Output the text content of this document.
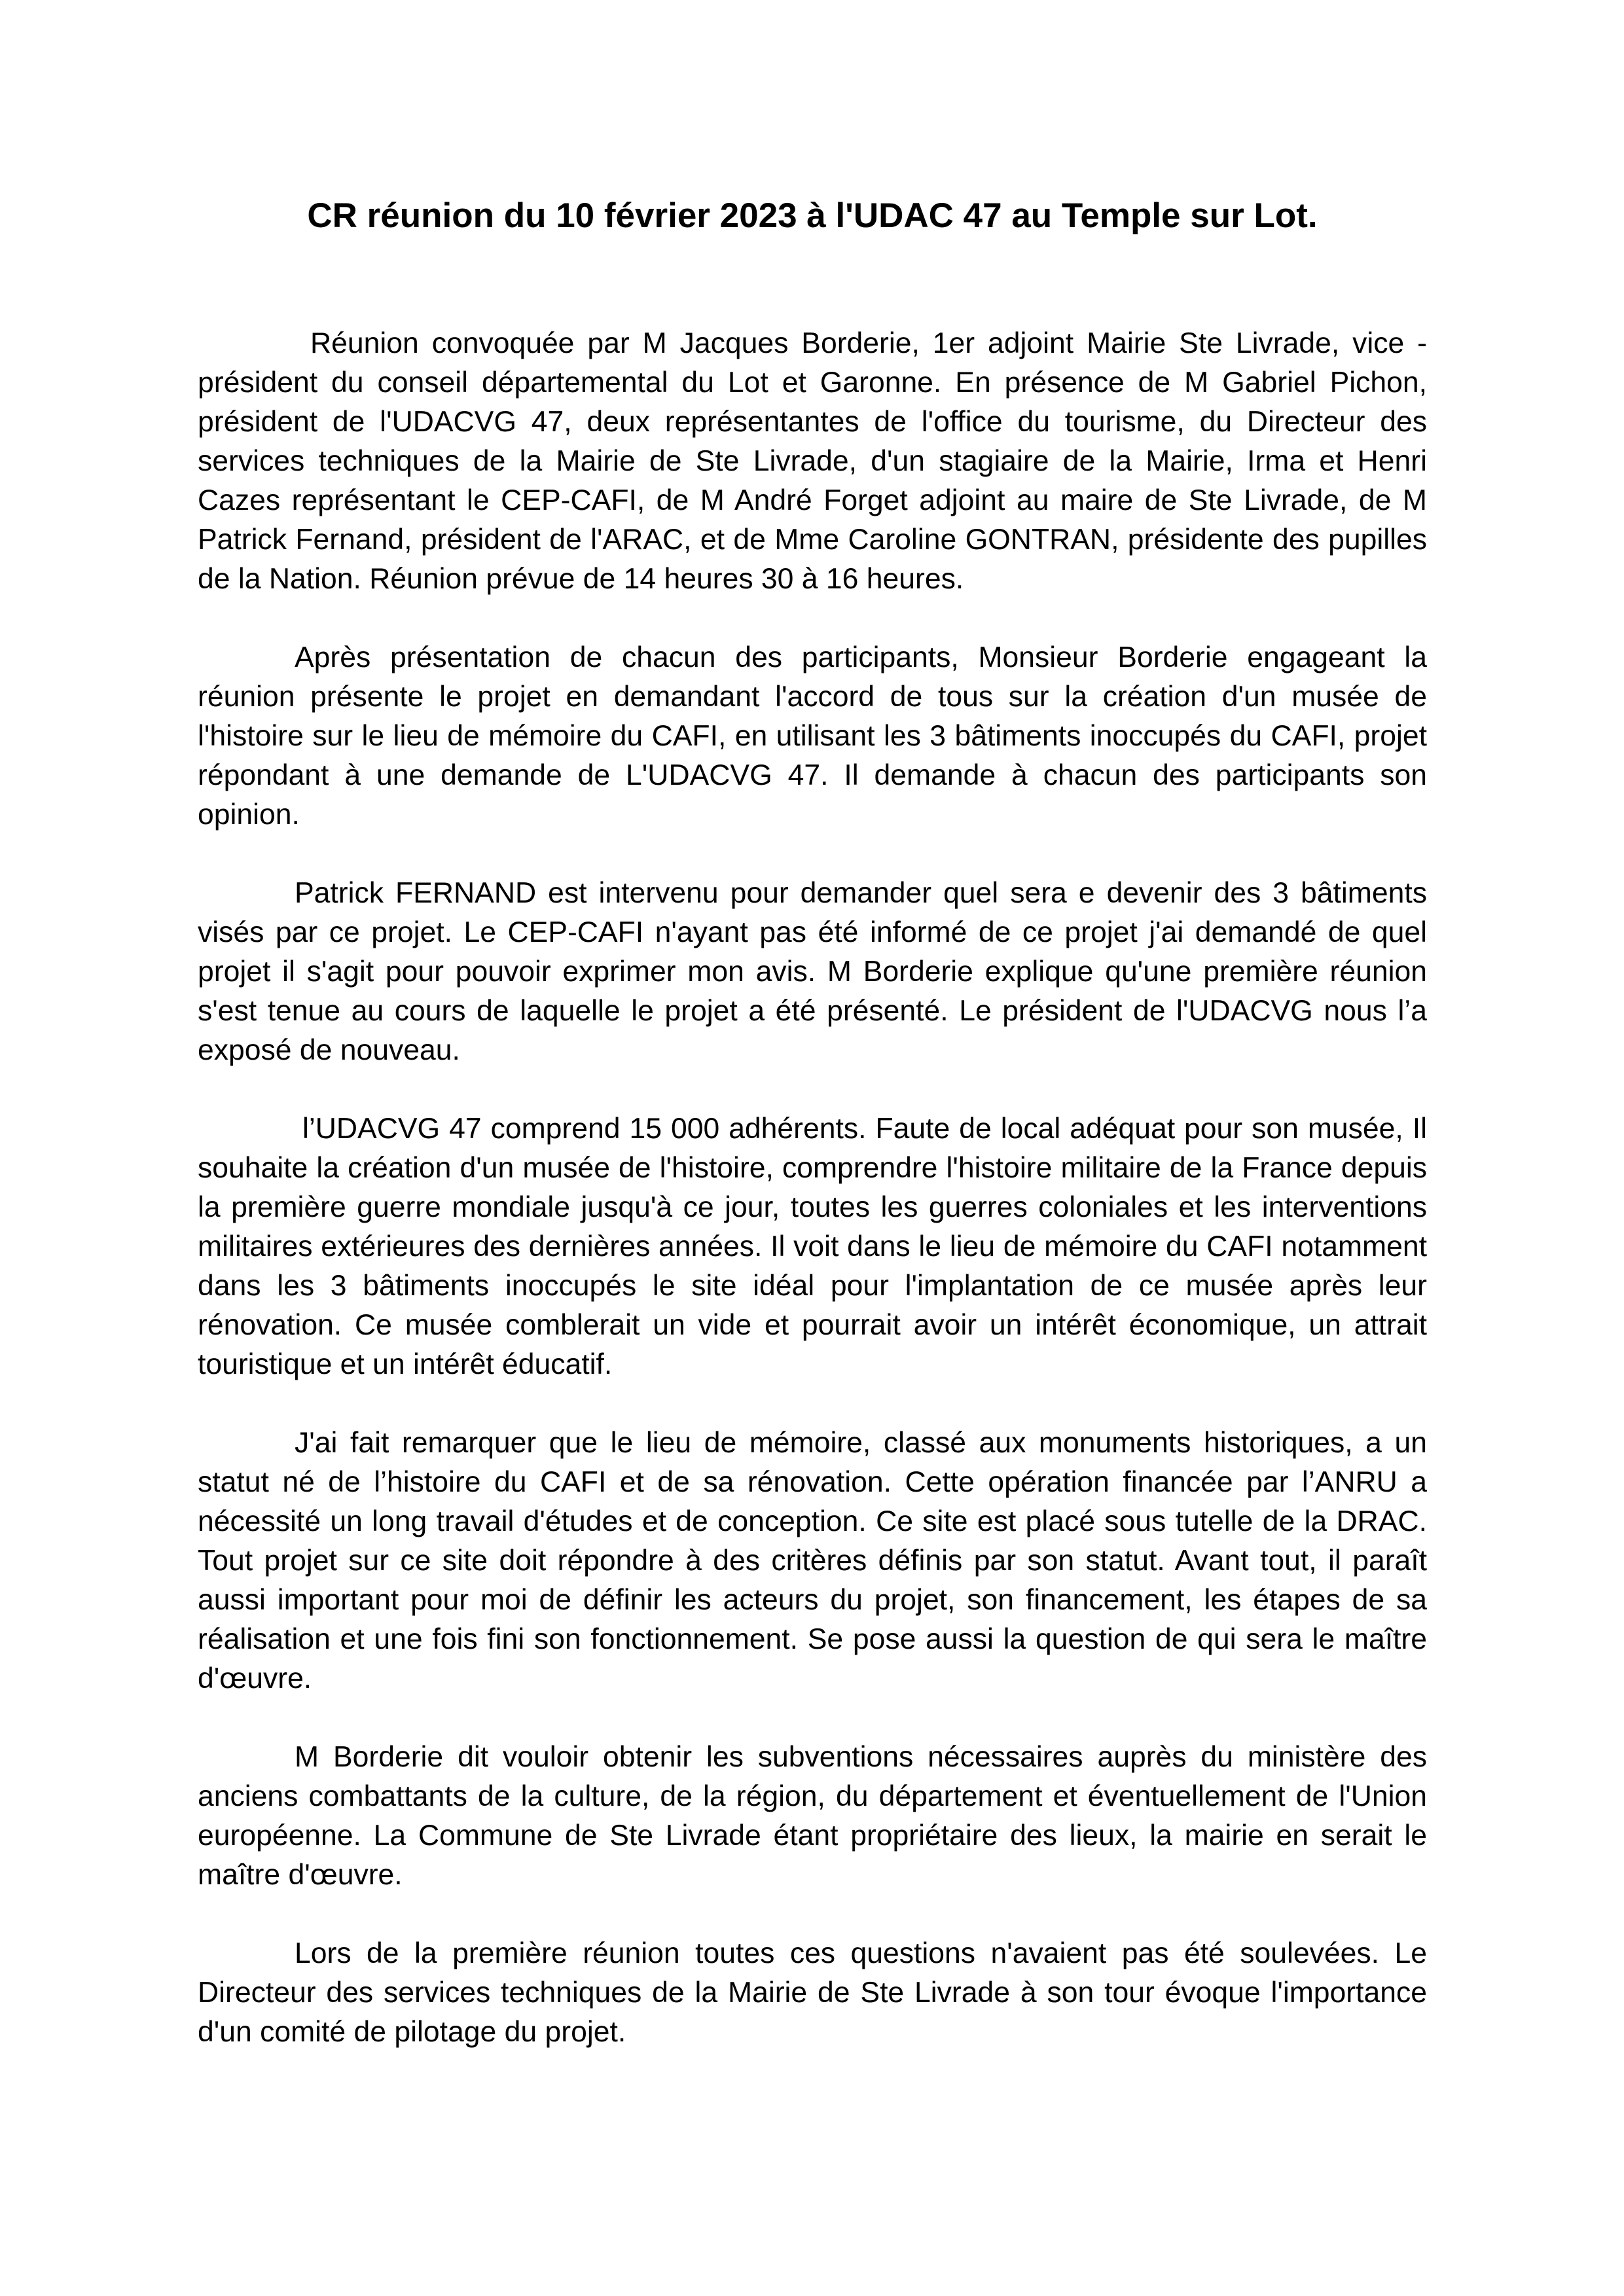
CR réunion du 10 février 2023 à l'UDAC 47 au Temple sur Lot.

Réunion convoquée par M Jacques Borderie, 1er adjoint Mairie Ste Livrade, vice -président du conseil départemental du Lot et Garonne. En présence de M Gabriel Pichon, président de l'UDACVG 47, deux représentantes de l'office du tourisme, du Directeur des services techniques de la Mairie de Ste Livrade, d'un stagiaire de la Mairie, Irma et Henri Cazes représentant le CEP-CAFI, de M André Forget adjoint au maire de Ste Livrade, de M Patrick Fernand, président de l'ARAC, et de Mme Caroline GONTRAN, présidente des pupilles de la Nation. Réunion prévue de 14 heures 30 à 16 heures.

Après présentation de chacun des participants, Monsieur Borderie engageant la réunion présente le projet en demandant l'accord de tous sur la création d'un musée de l'histoire sur le lieu de mémoire du CAFI, en utilisant les 3 bâtiments inoccupés du CAFI, projet répondant à une demande de L'UDACVG 47. Il demande à chacun des participants son opinion.

Patrick FERNAND est intervenu pour demander quel sera e devenir des 3 bâtiments visés par ce projet. Le CEP-CAFI n'ayant pas été informé de ce projet j'ai demandé de quel projet il s'agit pour pouvoir exprimer mon avis. M Borderie explique qu'une première réunion s'est tenue au cours de laquelle le projet a été présenté. Le président de l'UDACVG nous l’a exposé de nouveau.

l’UDACVG 47 comprend 15 000 adhérents. Faute de local adéquat pour son musée, Il souhaite la création d'un musée de l'histoire, comprendre l'histoire militaire de la France depuis la première guerre mondiale jusqu'à ce jour, toutes les guerres coloniales et les interventions militaires extérieures des dernières années. Il voit dans le lieu de mémoire du CAFI notamment dans les 3 bâtiments inoccupés le site idéal pour l'implantation de ce musée après leur rénovation. Ce musée comblerait un vide et pourrait avoir un intérêt économique, un attrait touristique et un intérêt éducatif.

J'ai fait remarquer que le lieu de mémoire, classé aux monuments historiques, a un statut né de l’histoire du CAFI et de sa rénovation. Cette opération financée par l’ANRU a nécessité un long travail d'études et de conception. Ce site est placé sous tutelle de la DRAC. Tout projet sur ce site doit répondre à des critères définis par son statut. Avant tout, il paraît aussi important pour moi de définir les acteurs du projet, son financement, les étapes de sa réalisation et une fois fini son fonctionnement. Se pose aussi la question de qui sera le maître d'œuvre.

M Borderie dit vouloir obtenir les subventions nécessaires auprès du ministère des anciens combattants de la culture, de la région, du département et éventuellement de l'Union européenne. La Commune de Ste Livrade étant propriétaire des lieux, la mairie en serait le maître d'œuvre.

Lors de la première réunion toutes ces questions n'avaient pas été soulevées. Le Directeur des services techniques de la Mairie de Ste Livrade à son tour évoque l'importance d'un comité de pilotage du projet.
